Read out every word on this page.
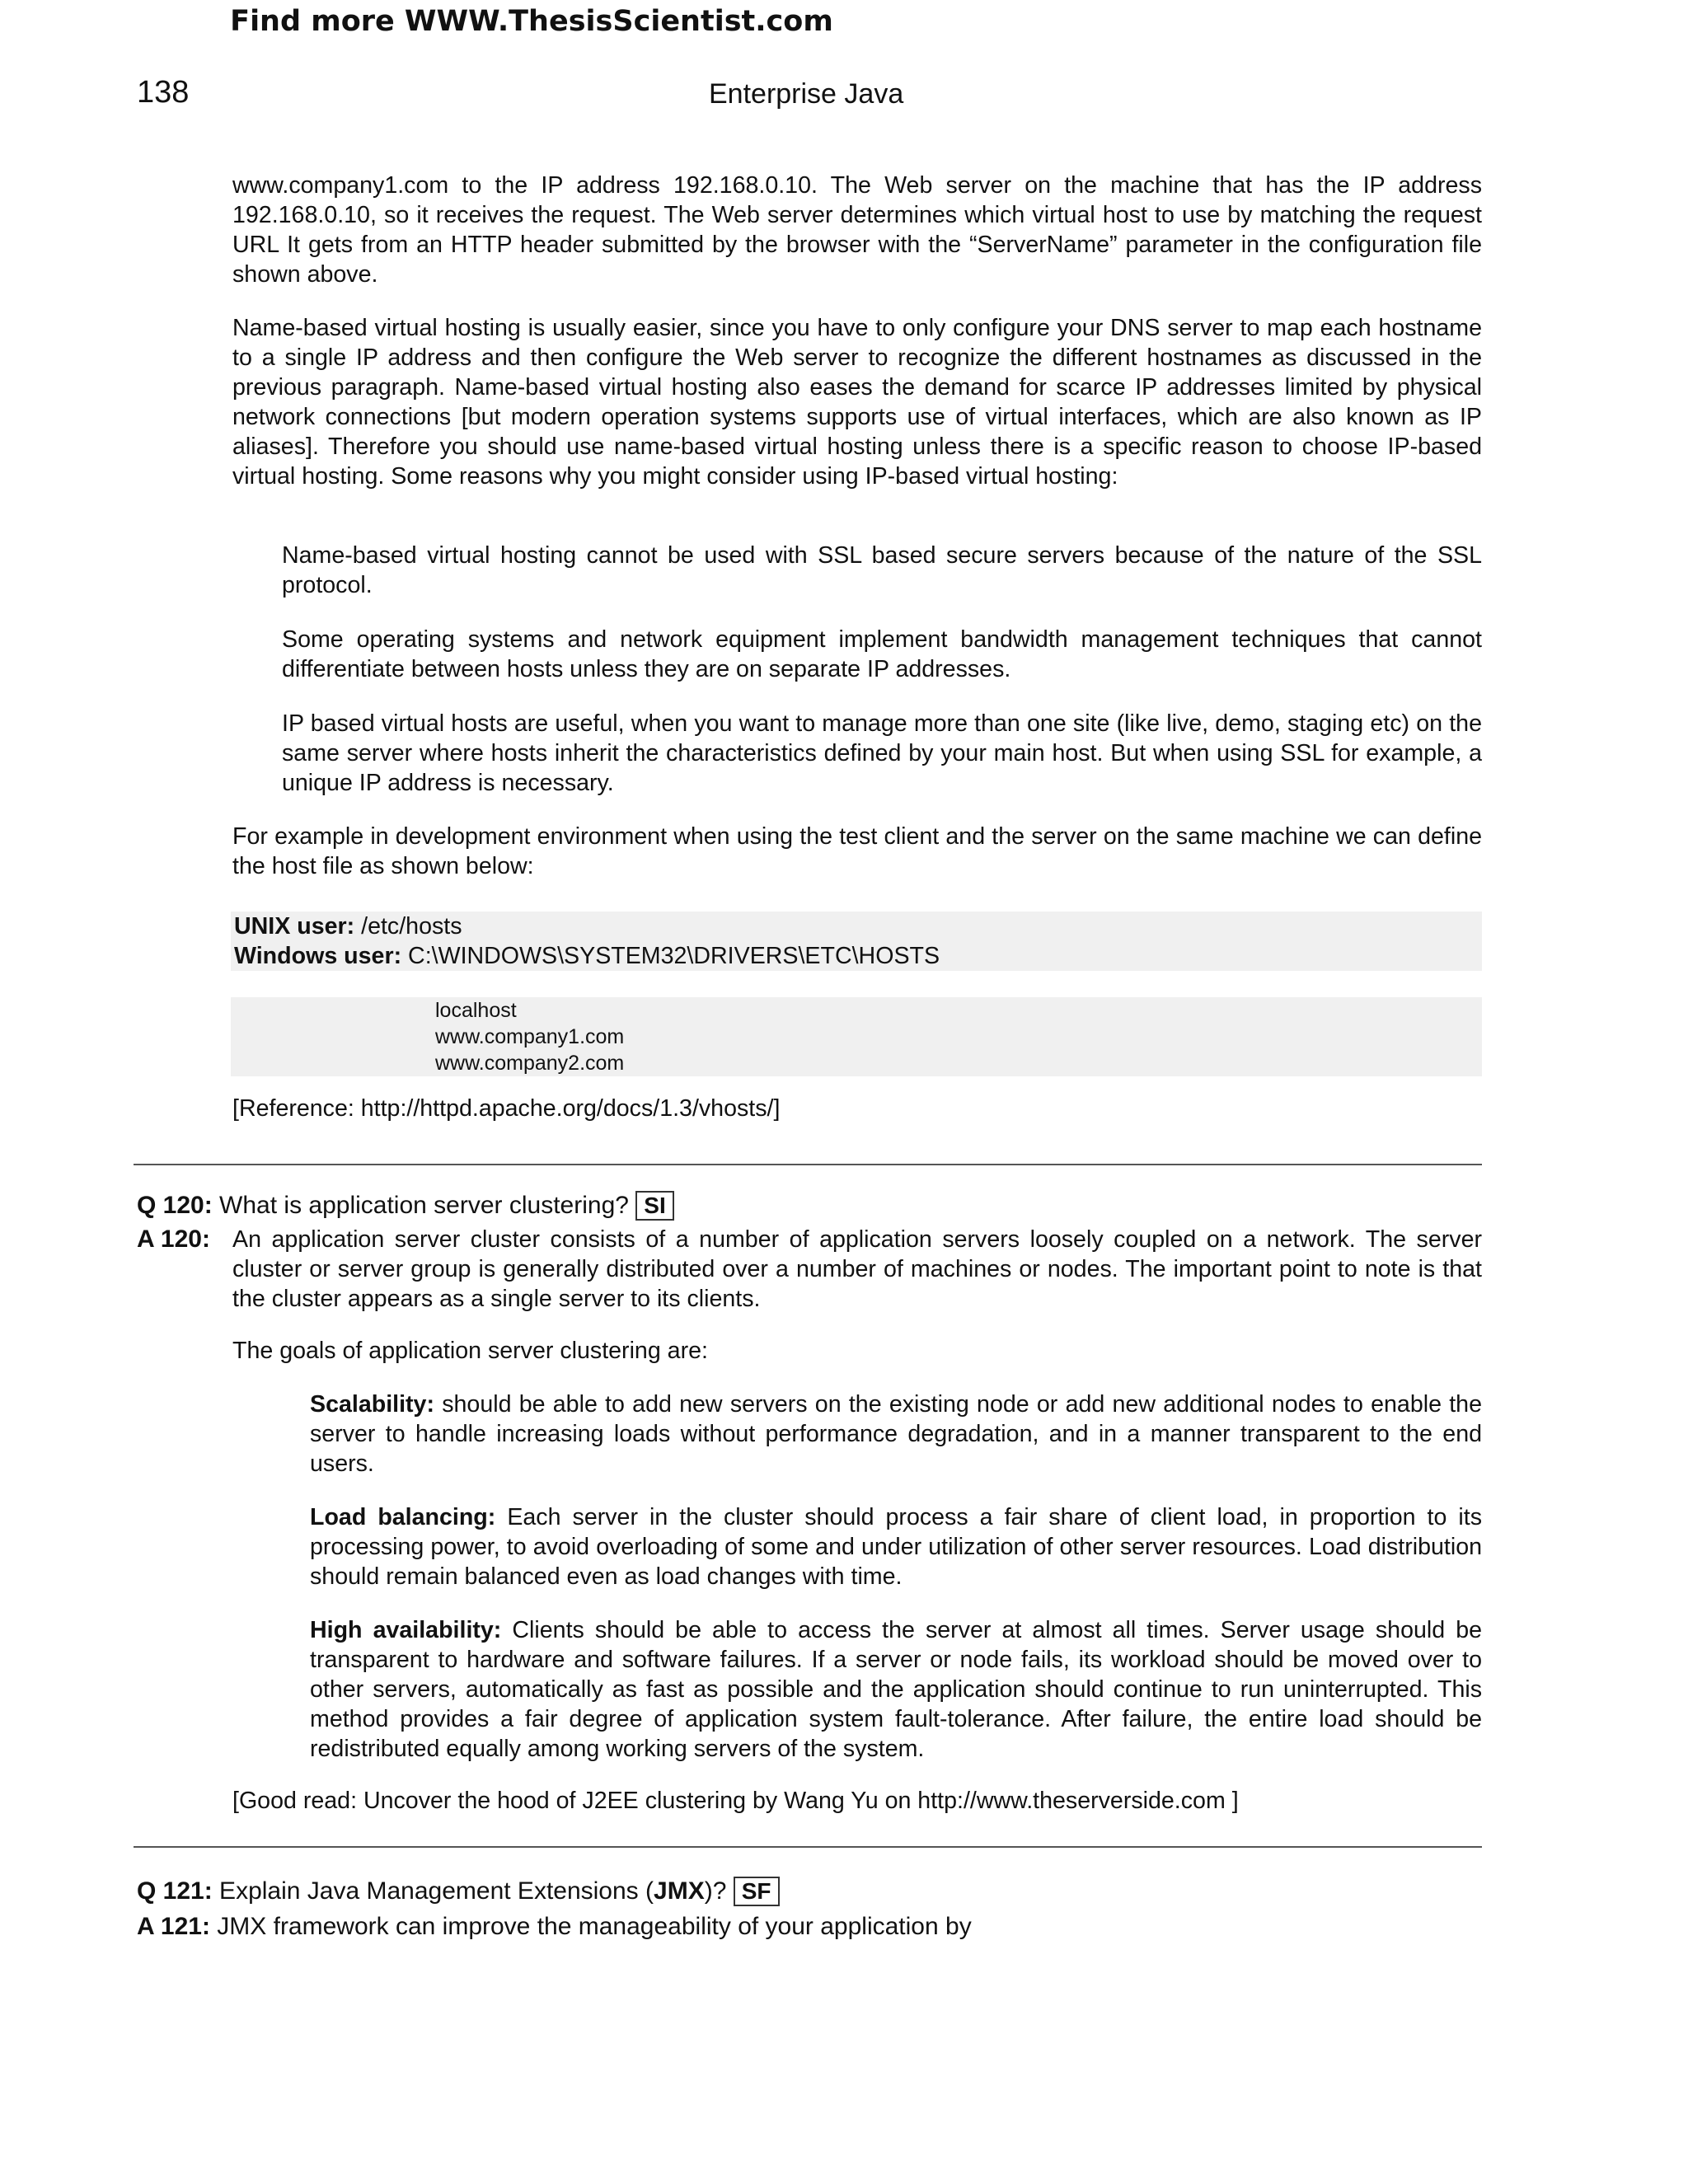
Find more WWW.ThesisScientist.com
138	Enterprise Java

www.company1.com to the IP address 192.168.0.10. The Web server on the machine that has the IP address 192.168.0.10, so it receives the request. The Web server determines which virtual host to use by matching the request URL It gets from an HTTP header submitted by the browser with the “ServerName” parameter in the configuration file shown above.

Name-based virtual hosting is usually easier, since you have to only configure your DNS server to map each hostname to a single IP address and then configure the Web server to recognize the different hostnames as discussed in the previous paragraph. Name-based virtual hosting also eases the demand for scarce IP addresses limited by physical network connections [but modern operation systems supports use of virtual interfaces, which are also known as IP aliases]. Therefore you should use name-based virtual hosting unless there is a specific reason to choose IP-based virtual hosting. Some reasons why you might consider using IP-based virtual hosting:

Name-based virtual hosting cannot be used with SSL based secure servers because of the nature of the SSL protocol.

Some operating systems and network equipment implement bandwidth management techniques that cannot differentiate between hosts unless they are on separate IP addresses.

IP based virtual hosts are useful, when you want to manage more than one site (like live, demo, staging etc) on the same server where hosts inherit the characteristics defined by your main host. But when using SSL for example, a unique IP address is necessary.

For example in development environment when using the test client and the server on the same machine we can define the host file as shown below:

UNIX user: /etc/hosts
Windows user: C:\WINDOWS\SYSTEM32\DRIVERS\ETC\HOSTS
localhost
www.company1.com
www.company2.com

[Reference: http://httpd.apache.org/docs/1.3/vhosts/]

Q 120: What is application server clustering? SI
A 120: An application server cluster consists of a number of application servers loosely coupled on a network. The server cluster or server group is generally distributed over a number of machines or nodes. The important point to note is that the cluster appears as a single server to its clients.

The goals of application server clustering are:

Scalability: should be able to add new servers on the existing node or add new additional nodes to enable the server to handle increasing loads without performance degradation, and in a manner transparent to the end users.

Load balancing: Each server in the cluster should process a fair share of client load, in proportion to its processing power, to avoid overloading of some and under utilization of other server resources. Load distribution should remain balanced even as load changes with time.

High availability: Clients should be able to access the server at almost all times. Server usage should be transparent to hardware and software failures. If a server or node fails, its workload should be moved over to other servers, automatically as fast as possible and the application should continue to run uninterrupted. This method provides a fair degree of application system fault-tolerance. After failure, the entire load should be redistributed equally among working servers of the system.

[Good read: Uncover the hood of J2EE clustering by Wang Yu on http://www.theserverside.com ]

Q 121: Explain Java Management Extensions (JMX)? SF
A 121: JMX framework can improve the manageability of your application by
